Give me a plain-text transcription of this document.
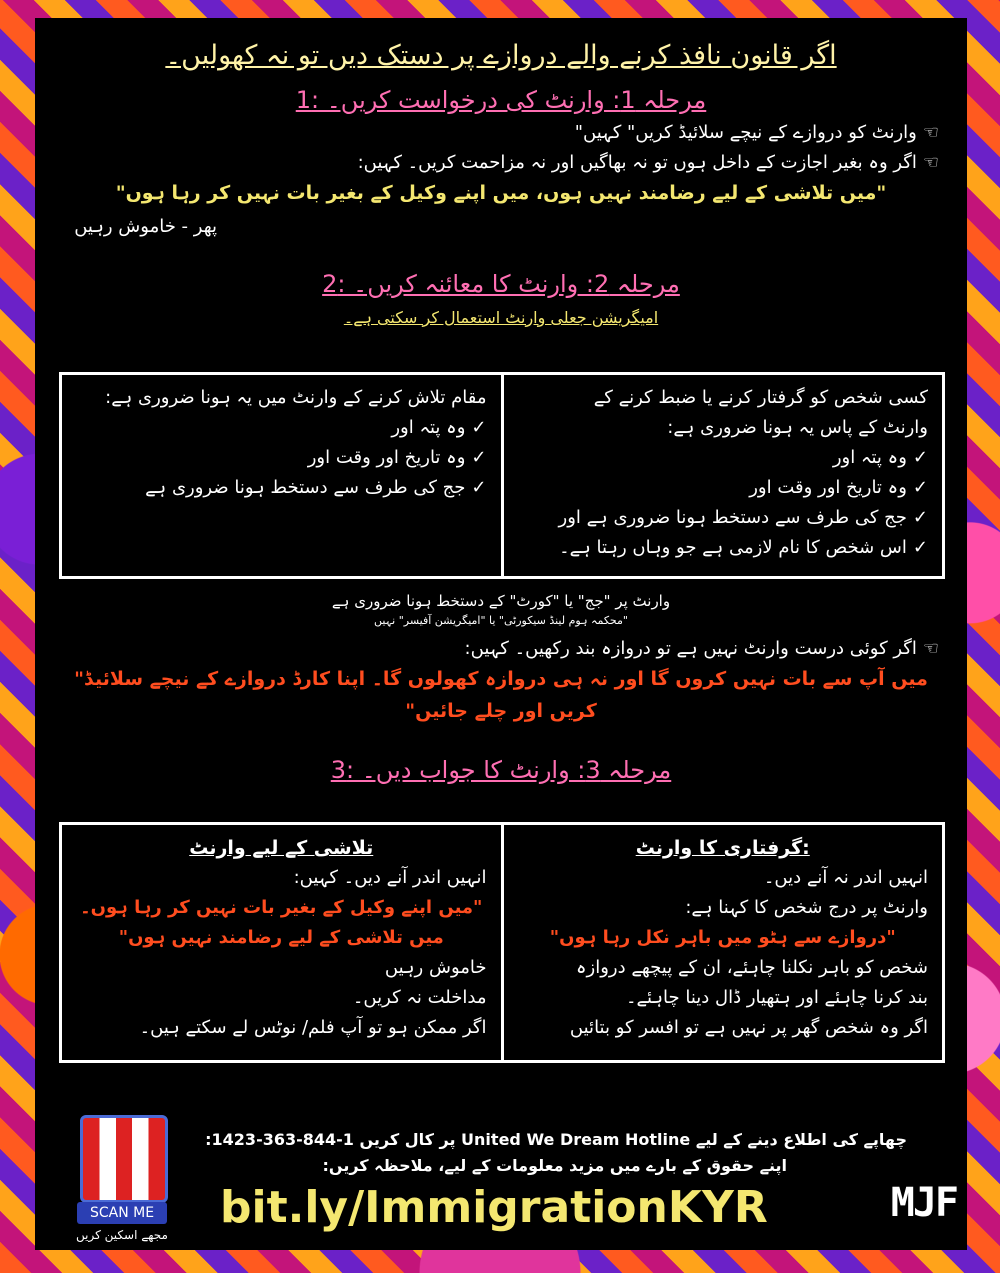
اگر قانون نافذ کرنے والے دروازے پر دستک دیں تو نہ کھولیں۔
مرحلہ 1: وارنٹ کی درخواست کریں۔ :1
☜وارنٹ کو دروازے کے نیچے سلائیڈ کریں" کہیں"
☜اگر وہ بغیر اجازت کے داخل ہوں تو نہ بھاگیں اور نہ مزاحمت کریں۔ کہیں:
"میں تلاشی کے لیے رضامند نہیں ہوں، میں اپنے وکیل کے بغیر بات نہیں کر رہا ہوں"
پھر - خاموش رہیں
مرحلہ 2: وارنٹ کا معائنہ کریں۔ :2
امیگریشن جعلی وارنٹ استعمال کر سکتی ہے۔
کسی شخص کو گرفتار کرنے یا ضبط کرنے کے
وارنٹ کے پاس یہ ہونا ضروری ہے:
✓وہ پتہ اور
✓وہ تاریخ اور وقت اور
✓جج کی طرف سے دستخط ہونا ضروری ہے اور
✓اس شخص کا نام لازمی ہے جو وہاں رہتا ہے۔
مقام تلاش کرنے کے وارنٹ میں یہ ہونا ضروری ہے:
✓وہ پتہ اور
✓وہ تاریخ اور وقت اور
✓جج کی طرف سے دستخط ہونا ضروری ہے
وارنٹ پر "جج" یا "کورٹ" کے دستخط ہونا ضروری ہے
"محکمہ ہوم لینڈ سیکورٹی" یا "امیگریشن آفیسر" نہیں
☜اگر کوئی درست وارنٹ نہیں ہے تو دروازہ بند رکھیں۔ کہیں:
میں آپ سے بات نہیں کروں گا اور نہ ہی دروازہ کھولوں گا۔ اپنا کارڈ دروازے کے نیچے سلائیڈ"
کریں اور چلے جائیں"
مرحلہ 3: وارنٹ کا جواب دیں۔ :3
:گرفتاری کا وارنٹ
انہیں اندر نہ آنے دیں۔
وارنٹ پر درج شخص کا کہنا ہے:
"دروازے سے ہٹو میں باہر نکل رہا ہوں"
شخص کو باہر نکلنا چاہئے، ان کے پیچھے دروازہ
بند کرنا چاہئے اور ہتھیار ڈال دینا چاہئے۔
اگر وہ شخص گھر پر نہیں ہے تو افسر کو بتائیں
تلاشی کے لیے وارنٹ
انہیں اندر آنے دیں۔ کہیں:
"میں اپنے وکیل کے بغیر بات نہیں کر رہا ہوں۔
میں تلاشی کے لیے رضامند نہیں ہوں"
خاموش رہیں
مداخلت نہ کریں۔
اگر ممکن ہو تو آپ فلم/ نوٹس لے سکتے ہیں۔
SCAN ME
مجھے اسکین کریں
چھاپے کی اطلاع دینے کے لیے United We Dream Hotline پر کال کریں 1-844-363-1423:
اپنے حقوق کے بارے میں مزید معلومات کے لیے، ملاحظہ کریں:
bit.ly/ImmigrationKYR	MJF
